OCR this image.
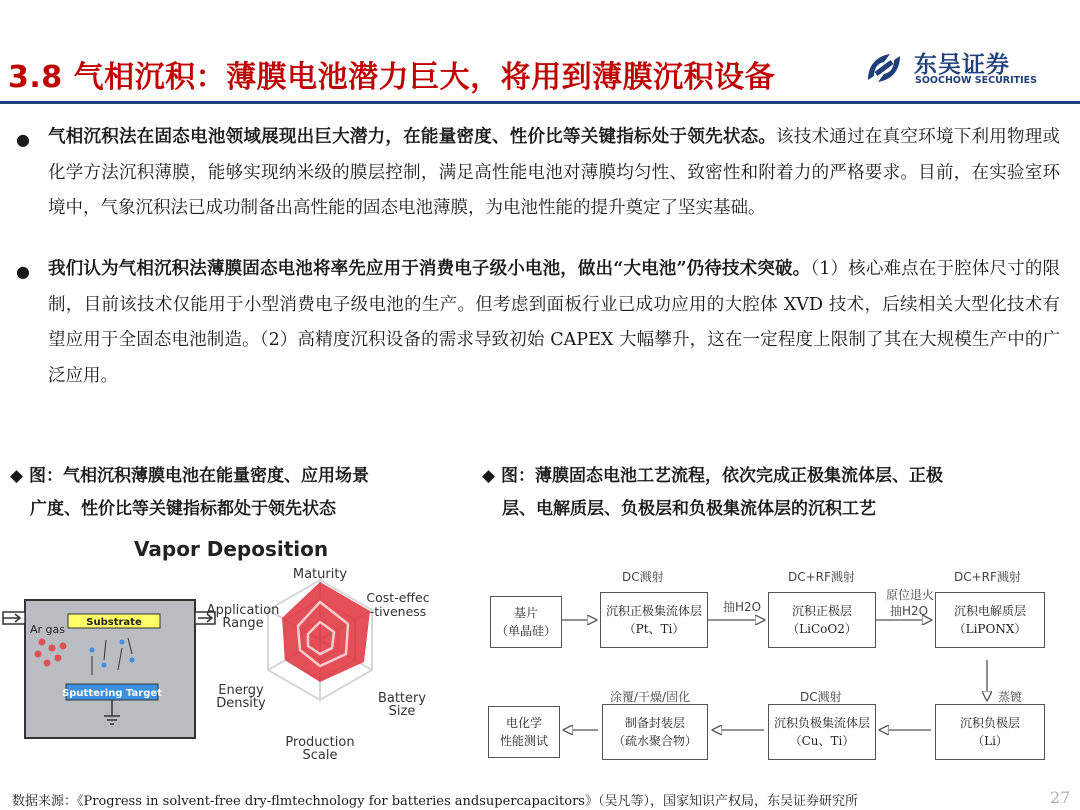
3.8 气相沉积：薄膜电池潜力巨大，将用到薄膜沉积设备	东吴证券
SOOCHOW SECURITIES
● 气相沉积法在固态电池领域展现出巨大潜力，在能量密度、性价比等关键指标处于领先状态。该技术通过在真空环境下利用物理或化学方法沉积薄膜，能够实现纳米级的膜层控制，满足高性能电池对薄膜均匀性、致密性和附着力的严格要求。目前，在实验室环境中，气象沉积法已成功制备出高性能的固态电池薄膜，为电池性能的提升奠定了坚实基础。
● 我们认为气相沉积法薄膜固态电池将率先应用于消费电子级小电池，做出“大电池”仍待技术突破。（1）核心难点在于腔体尺寸的限制，目前该技术仅能用于小型消费电子级电池的生产。但考虑到面板行业已成功应用的大腔体 XVD 技术，后续相关大型化技术有望应用于全固态电池制造。（2）高精度沉积设备的需求导致初始 CAPEX 大幅攀升，这在一定程度上限制了其在大规模生产中的广泛应用。
◆ 图：气相沉积薄膜电池在能量密度、应用场景
广度、性价比等关键指标都处于领先状态
◆ 图：薄膜固态电池工艺流程，依次完成正极集流体层、正极
层、电解质层、负极层和负极集流体层的沉积工艺
Vapor Deposition
Ar gas
Substrate
Sputtering Target
Maturity
Cost-effec
-tiveness
Application
Range
Battery
Size
Energy
Density
Production
Scale
DC溅射	DC+RF溅射	DC+RF溅射
抽H2O
原位退火
抽H2O
蒸镀
DC溅射
涂覆/干燥/固化
基片
（单晶硅）
沉积正极集流体层
（Pt、Ti）
沉积正极层
（LiCoO2）
沉积电解质层
（LiPONX）
沉积负极层
（Li）
沉积负极集流体层
（Cu、Ti）
制备封装层
（疏水聚合物）
电化学
性能测试
数据来源：《Progress in solvent-free dry-flmtechnology for batteries andsupercapacitors》（吴凡等），国家知识产权局，东吴证券研究所	27
